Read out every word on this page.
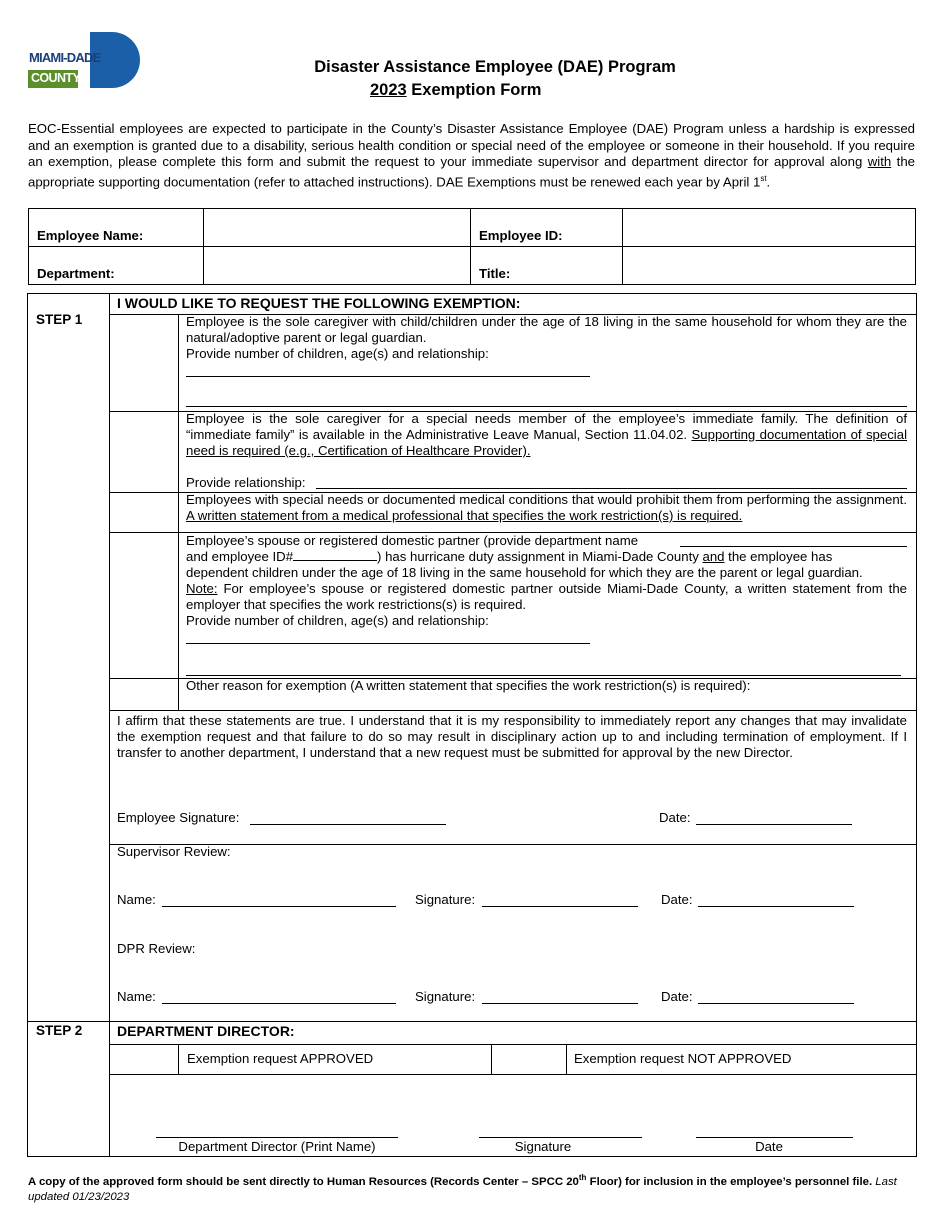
MIAMI-DADE
COUNTY
Disaster Assistance Employee (DAE) Program
2023 Exemption Form
EOC-Essential employees are expected to participate in the County’s Disaster Assistance Employee (DAE) Program unless a hardship is expressed and an exemption is granted due to a disability, serious health condition or special need of the employee or someone in their household. If you require an exemption, please complete this form and submit the request to your immediate supervisor and department director for approval along with the appropriate supporting documentation (refer to attached instructions). DAE Exemptions must be renewed each year by April 1st.
Employee Name:		Employee ID:	
Department:		Title:	
STEP 1
I WOULD LIKE TO REQUEST THE FOLLOWING EXEMPTION:
Employee is the sole caregiver with child/children under the age of 18 living in the same household for whom they are the natural/adoptive parent or legal guardian.
Provide number of children, age(s) and relationship:
Employee is the sole caregiver for a special needs member of the employee’s immediate family. The definition of “immediate family” is available in the Administrative Leave Manual, Section 11.04.02. Supporting documentation of special need is required (e.g., Certification of Healthcare Provider).
Provide relationship:
Employees with special needs or documented medical conditions that would prohibit them from performing the assignment. A written statement from a medical professional that specifies the work restriction(s) is required.
Employee’s spouse or registered domestic partner (provide department name
and employee ID#	) has hurricane duty assignment in Miami-Dade County and the employee has
dependent children under the age of 18 living in the same household for which they are the parent or legal guardian.
Note: For employee’s spouse or registered domestic partner outside Miami-Dade County, a written statement from the employer that specifies the work restrictions(s) is required.
Provide number of children, age(s) and relationship:
Other reason for exemption (A written statement that specifies the work restriction(s) is required):
I affirm that these statements are true. I understand that it is my responsibility to immediately report any changes that may invalidate the exemption request and that failure to do so may result in disciplinary action up to and including termination of employment. If I transfer to another department, I understand that a new request must be submitted for approval by the new Director.
Employee Signature:	Date:
Supervisor Review:
Name:	Signature:	Date:
DPR Review:
Name:	Signature:	Date:
STEP 2 DEPARTMENT DIRECTOR:
Exemption request APPROVED	Exemption request NOT APPROVED
Department Director (Print Name)	Signature	Date
A copy of the approved form should be sent directly to Human Resources (Records Center – SPCC 20th Floor) for inclusion in the employee’s personnel file. Last updated 01/23/2023
